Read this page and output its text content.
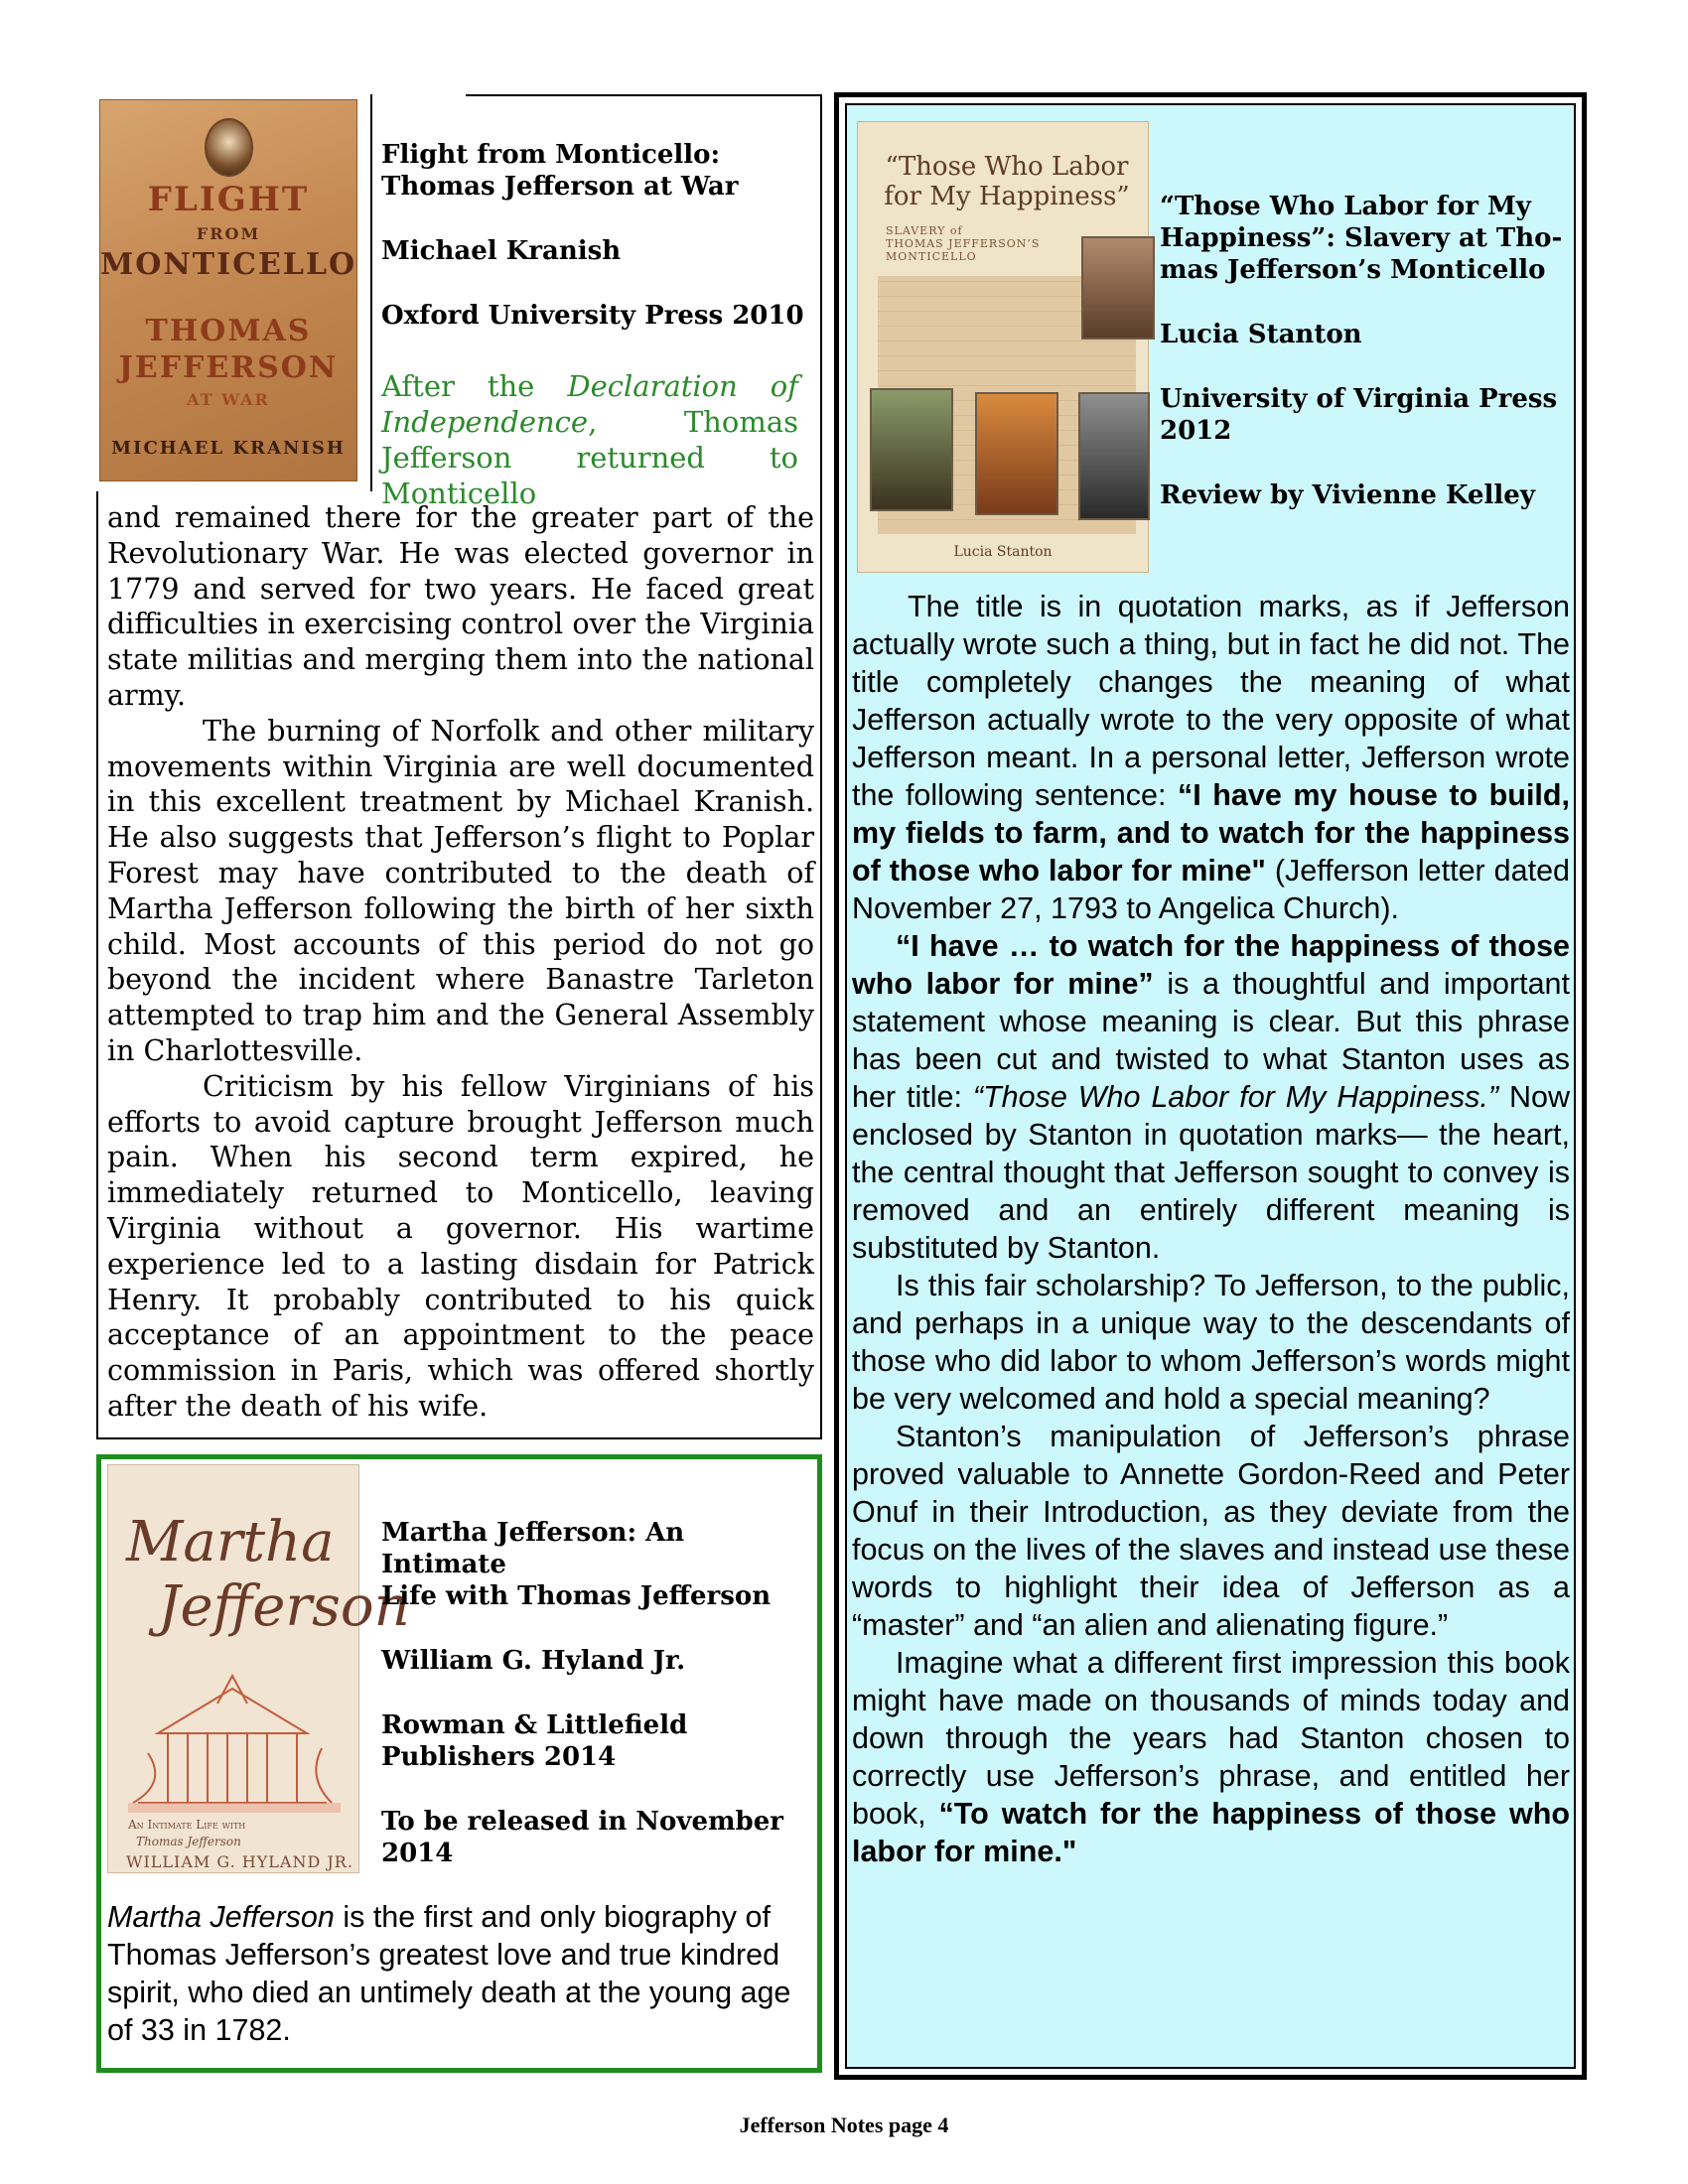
FLIGHT
FROM
MONTICELLO
THOMAS
JEFFERSON
AT WAR
MICHAEL KRANISH

Flight from Monticello:
Thomas Jefferson at War

Michael Kranish

Oxford University Press 2010

After the Declaration of Independence, Thomas Jefferson returned to Monticello

and remained there for the greater part of the Revolutionary War. He was elected governor in 1779 and served for two years. He faced great difficulties in exercising control over the Virginia state militias and merging them into the national army.

The burning of Norfolk and other military movements within Virginia are well documented in this excellent treatment by Michael Kranish. He also suggests that Jefferson’s flight to Poplar Forest may have contributed to the death of Martha Jefferson following the birth of her sixth child. Most accounts of this period do not go beyond the incident where Banastre Tarleton attempted to trap him and the General Assembly in Charlottesville.

Criticism by his fellow Virginians of his efforts to avoid capture brought Jefferson much pain. When his second term expired, he immediately returned to Monticello, leaving Virginia without a governor. His wartime experience led to a lasting disdain for Patrick Henry. It probably contributed to his quick acceptance of an appointment to the peace commission in Paris, which was offered shortly after the death of his wife.

Martha
Jefferson
An Intimate Life with
Thomas Jefferson
WILLIAM G. HYLAND JR.

Martha Jefferson: An Intimate
Life with Thomas Jefferson

William G. Hyland Jr.

Rowman & Littlefield
Publishers 2014

To be released in November
2014

Martha Jefferson is the first and only biography of Thomas Jefferson’s greatest love and true kindred spirit, who died an untimely death at the young age of 33 in 1782.
“Those Who Labor for My Happiness”
SLAVERY of
THOMAS JEFFERSON’S
MONTICELLO
Lucia Stanton

“Those Who Labor for My
Happiness”: Slavery at Tho-
mas Jefferson’s Monticello

Lucia Stanton

University of Virginia Press
2012

Review by Vivienne Kelley

The title is in quotation marks, as if Jefferson actually wrote such a thing, but in fact he did not. The title completely changes the meaning of what Jefferson actually wrote to the very opposite of what Jefferson meant. In a personal letter, Jefferson wrote the following sentence: “I have my house to build, my fields to farm, and to watch for the happiness of those who labor for mine" (Jefferson letter dated November 27, 1793 to Angelica Church).

“I have … to watch for the happiness of those who labor for mine” is a thoughtful and important statement whose meaning is clear. But this phrase has been cut and twisted to what Stanton uses as her title: “Those Who Labor for My Happiness.” Now enclosed by Stanton in quotation marks— the heart, the central thought that Jefferson sought to convey is removed and an entirely different meaning is substituted by Stanton.

Is this fair scholarship? To Jefferson, to the public, and perhaps in a unique way to the descendants of those who did labor to whom Jefferson’s words might be very welcomed and hold a special meaning?

Stanton’s manipulation of Jefferson’s phrase proved valuable to Annette Gordon-Reed and Peter Onuf in their Introduction, as they deviate from the focus on the lives of the slaves and instead use these words to highlight their idea of Jefferson as a “master” and “an alien and alienating figure.”

Imagine what a different first impression this book might have made on thousands of minds today and down through the years had Stanton chosen to correctly use Jefferson’s phrase, and entitled her book, “To watch for the happiness of those who labor for mine."

Jefferson Notes page 4
